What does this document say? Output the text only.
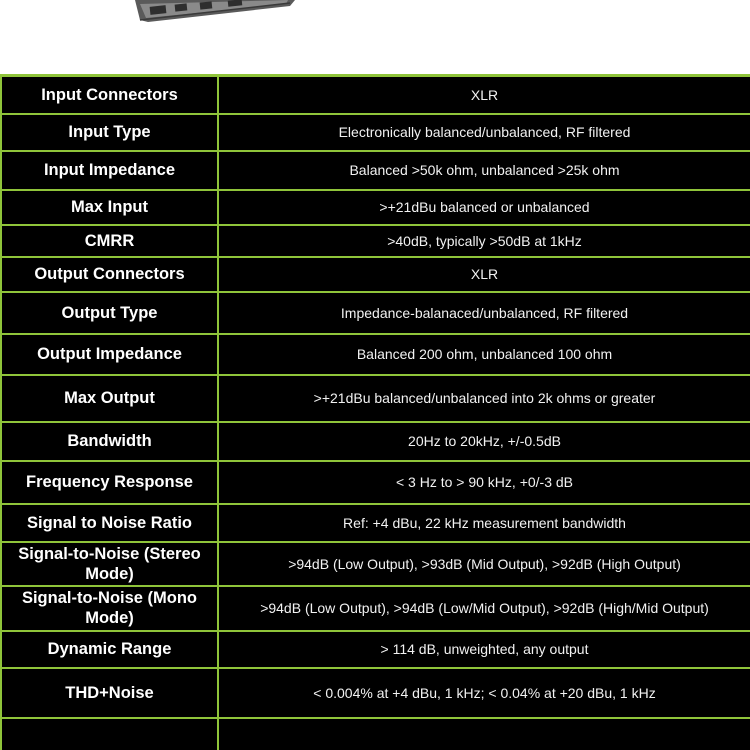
Input Connectors	XLR
Input Type	Electronically balanced/unbalanced, RF filtered
Input Impedance	Balanced >50k ohm, unbalanced >25k ohm
Max Input	>+21dBu balanced or unbalanced
CMRR	>40dB, typically >50dB at 1kHz
Output Connectors	XLR
Output Type	Impedance-balanaced/unbalanced, RF filtered
Output Impedance	Balanced 200 ohm, unbalanced 100 ohm
Max Output	>+21dBu balanced/unbalanced into 2k ohms or greater
Bandwidth	20Hz to 20kHz, +/-0.5dB
Frequency Response	< 3 Hz to > 90 kHz, +0/-3 dB
Signal to Noise Ratio	Ref: +4 dBu, 22 kHz measurement bandwidth
Signal-to-Noise (Stereo Mode)	>94dB (Low Output), >93dB (Mid Output), >92dB (High Output)
Signal-to-Noise (Mono Mode)	>94dB (Low Output), >94dB (Low/Mid Output), >92dB (High/Mid Output)
Dynamic Range	> 114 dB, unweighted, any output
THD+Noise	< 0.004% at +4 dBu, 1 kHz; < 0.04% at +20 dBu, 1 kHz
